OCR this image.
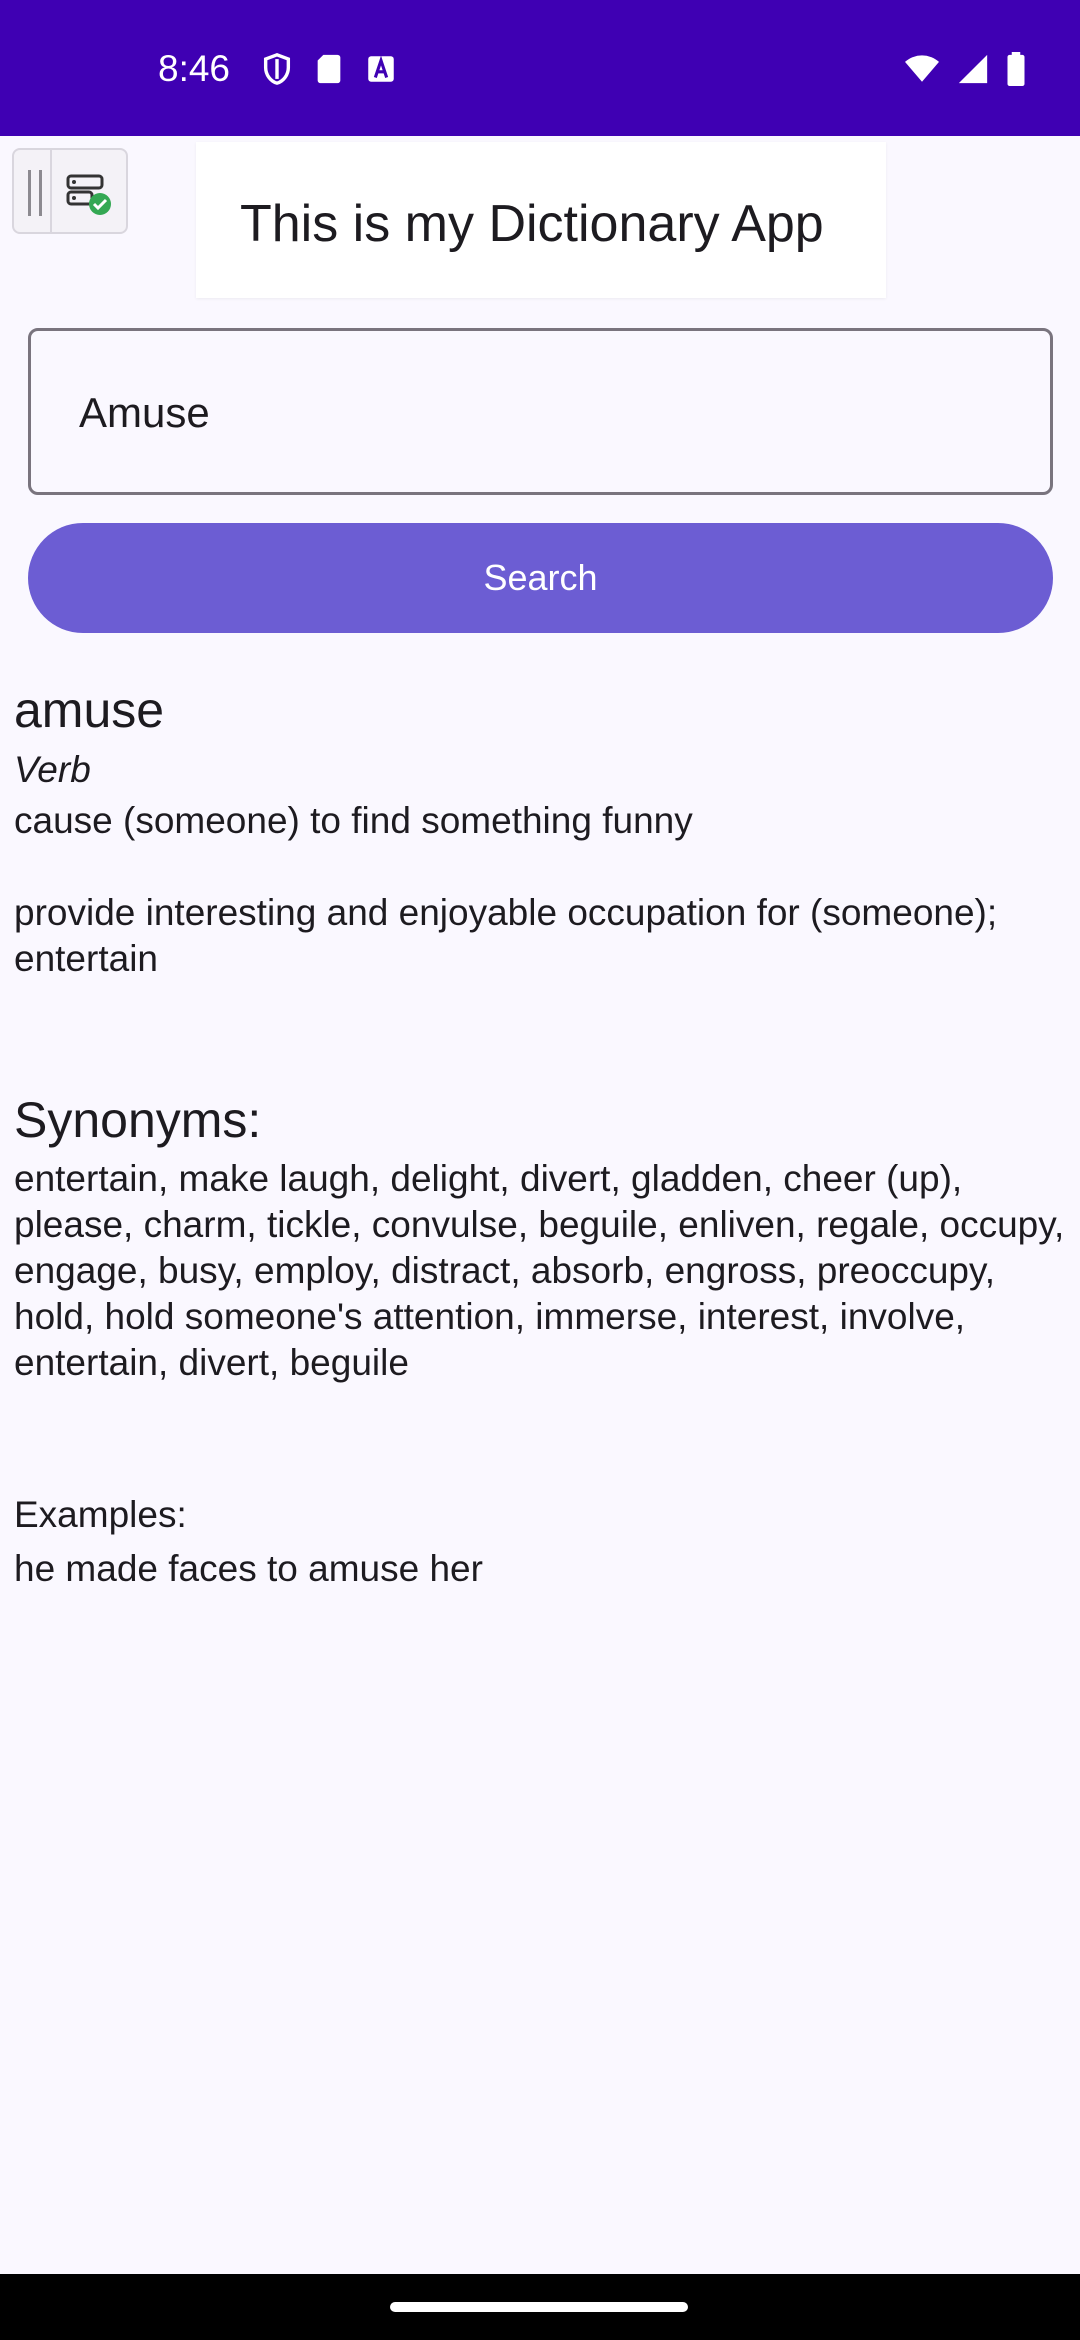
8:46
This is my Dictionary App
Amuse
Search
amuse
Verb
cause (someone) to find something funny
provide interesting and enjoyable occupation for (someone); entertain
Synonyms:
entertain, make laugh, delight, divert, gladden, cheer (up), please, charm, tickle, convulse, beguile, enliven, regale, occupy, engage, busy, employ, distract, absorb, engross, preoccupy, hold, hold someone's attention, immerse, interest, involve, entertain, divert, beguile
Examples:
he made faces to amuse her
